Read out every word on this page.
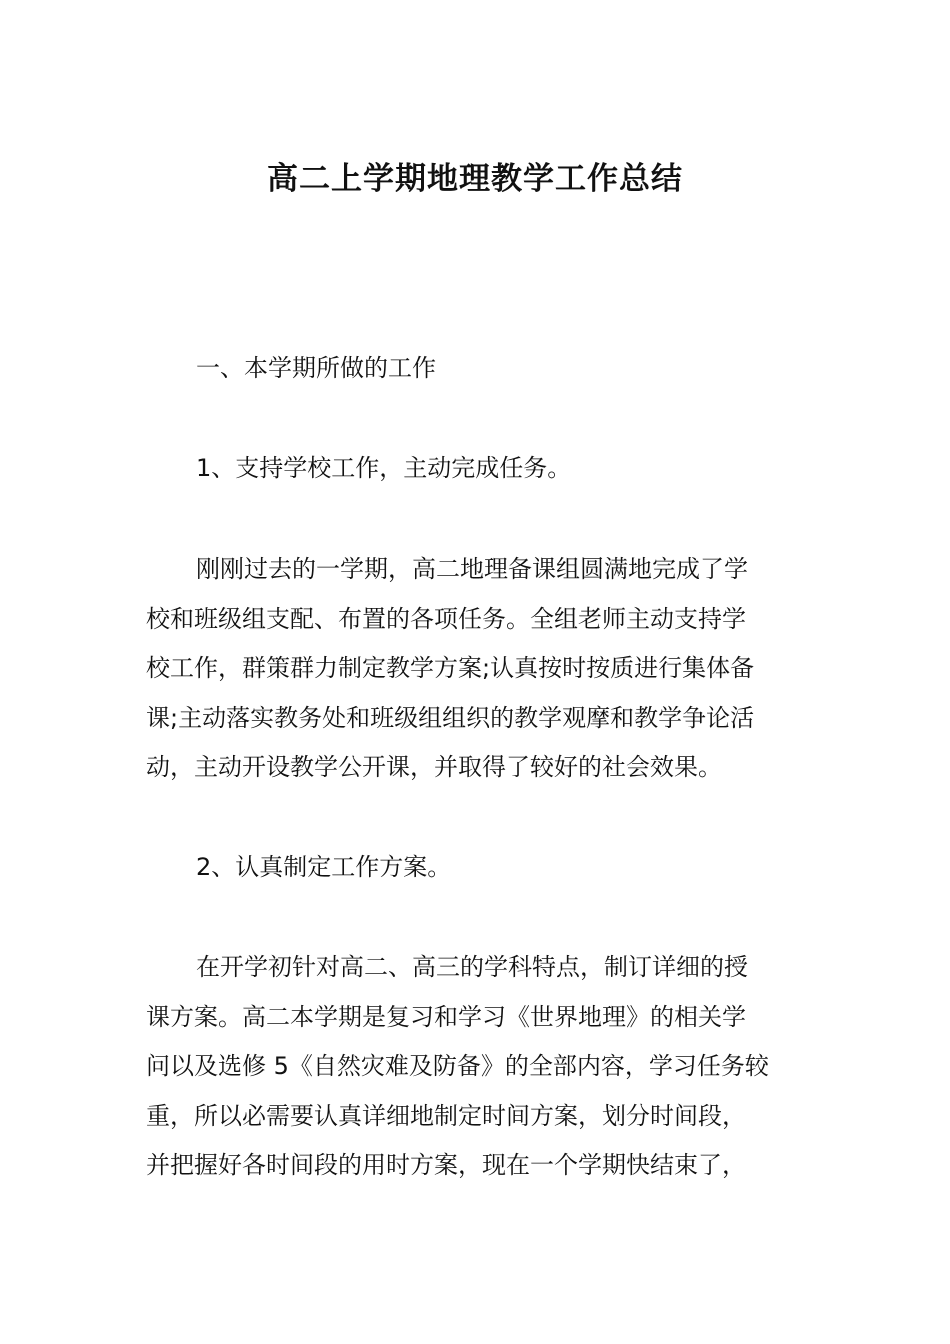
高二上学期地理教学工作总结

一、本学期所做的工作

1、支持学校工作，主动完成任务。

刚刚过去的一学期，高二地理备课组圆满地完成了学
校和班级组支配、布置的各项任务。全组老师主动支持学
校工作，群策群力制定教学方案;认真按时按质进行集体备
课;主动落实教务处和班级组组织的教学观摩和教学争论活
动，主动开设教学公开课，并取得了较好的社会效果。

2、认真制定工作方案。

在开学初针对高二、高三的学科特点，制订详细的授
课方案。高二本学期是复习和学习《世界地理》的相关学
问以及选修 5《自然灾难及防备》的全部内容，学习任务较
重，所以必需要认真详细地制定时间方案，划分时间段，
并把握好各时间段的用时方案，现在一个学期快结束了，
